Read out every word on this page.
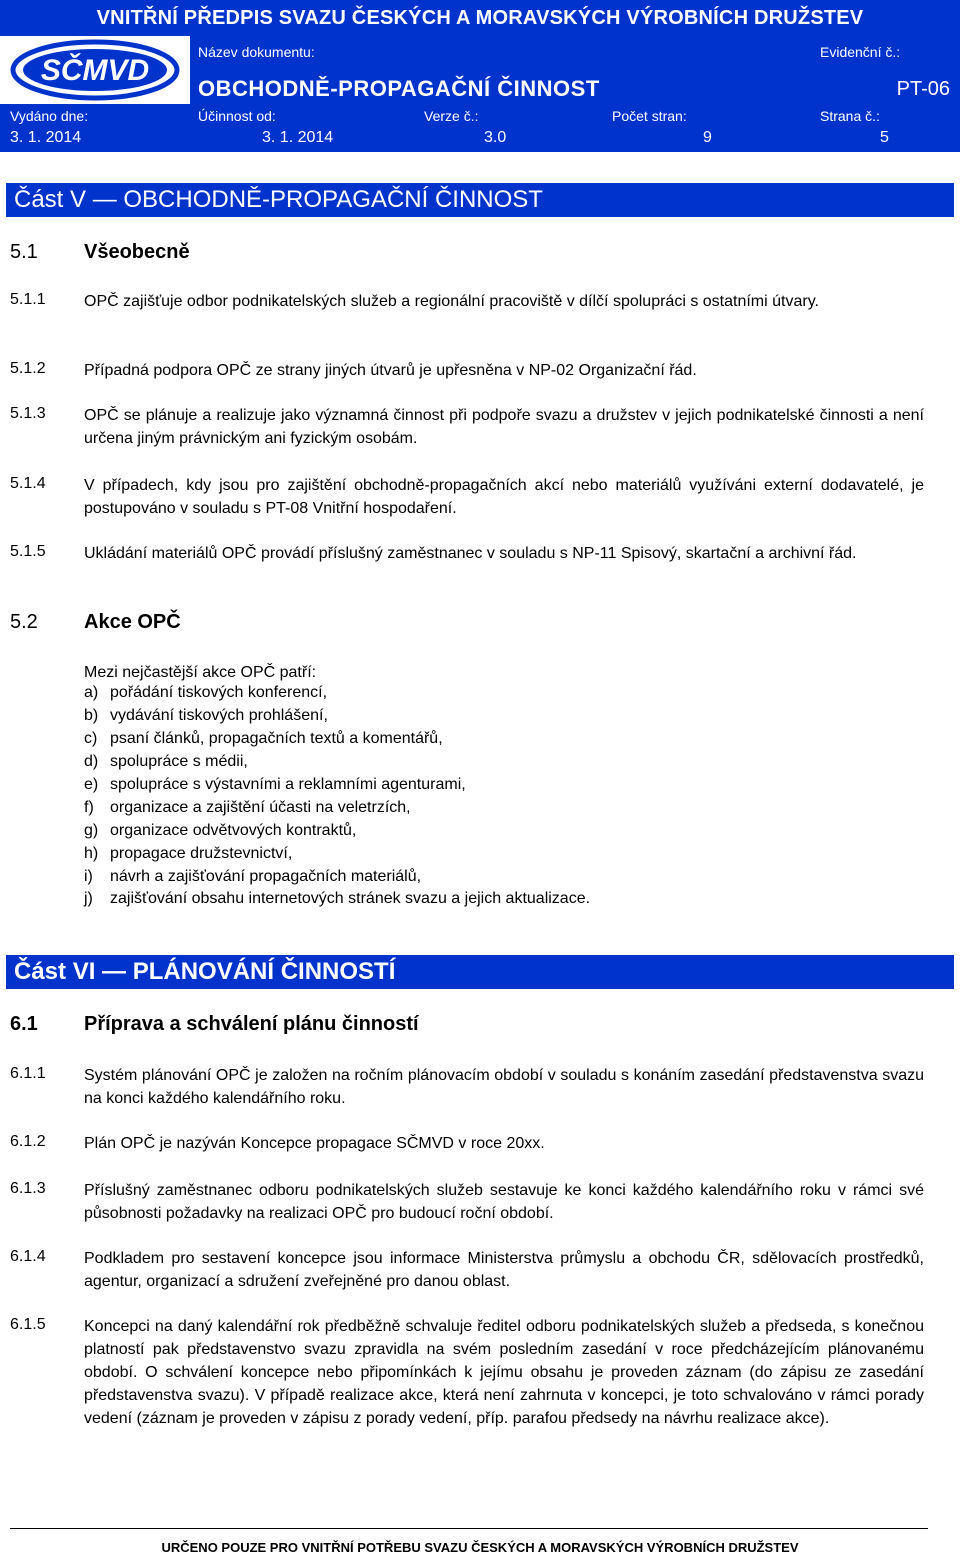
VNITŘNÍ PŘEDPIS SVAZU ČESKÝCH A MORAVSKÝCH VÝROBNÍCH DRUŽSTEV
SČMVD
Název dokumentu:
OBCHODNĚ-PROPAGAČNÍ ČINNOST
Evidenční č.:
PT-06
Vydáno dne:
3. 1. 2014
Účinnost od:
3. 1. 2014
Verze č.:
3.0
Počet stran:
9
Strana č.:
5
Část V — OBCHODNĚ-PROPAGAČNÍ ČINNOST
5.1 Všeobecně
5.1.1 OPČ zajišťuje odbor podnikatelských služeb a regionální pracoviště v dílčí spolupráci s ostatními útvary.
5.1.2 Případná podpora OPČ ze strany jiných útvarů je upřesněna v NP-02 Organizační řád.
5.1.3 OPČ se plánuje a realizuje jako významná činnost při podpoře svazu a družstev v jejich podnikatelské činnosti a není určena jiným právnickým ani fyzickým osobám.
5.1.4 V případech, kdy jsou pro zajištění obchodně-propagačních akcí nebo materiálů využíváni externí dodavatelé, je postupováno v souladu s PT-08 Vnitřní hospodaření.
5.1.5 Ukládání materiálů OPČ provádí příslušný zaměstnanec v souladu s NP-11 Spisový, skartační a archivní řád.
5.2 Akce OPČ
Mezi nejčastější akce OPČ patří:
a) pořádání tiskových konferencí,
b) vydávání tiskových prohlášení,
c) psaní článků, propagačních textů a komentářů,
d) spolupráce s médii,
e) spolupráce s výstavními a reklamními agenturami,
f) organizace a zajištění účasti na veletrzích,
g) organizace odvětvových kontraktů,
h) propagace družstevnictví,
i) návrh a zajišťování propagačních materiálů,
j) zajišťování obsahu internetových stránek svazu a jejich aktualizace.
Část VI — PLÁNOVÁNÍ ČINNOSTÍ
6.1 Příprava a schválení plánu činností
6.1.1 Systém plánování OPČ je založen na ročním plánovacím období v souladu s konáním zasedání představenstva svazu na konci každého kalendářního roku.
6.1.2 Plán OPČ je nazýván Koncepce propagace SČMVD v roce 20xx.
6.1.3 Příslušný zaměstnanec odboru podnikatelských služeb sestavuje ke konci každého kalendářního roku v rámci své působnosti požadavky na realizaci OPČ pro budoucí roční období.
6.1.4 Podkladem pro sestavení koncepce jsou informace Ministerstva průmyslu a obchodu ČR, sdělovacích prostředků, agentur, organizací a sdružení zveřejněné pro danou oblast.
6.1.5 Koncepci na daný kalendářní rok předběžně schvaluje ředitel odboru podnikatelských služeb a předseda, s konečnou platností pak představenstvo svazu zpravidla na svém posledním zasedání v roce předcházejícím plánovanému období. O schválení koncepce nebo připomínkách k jejímu obsahu je proveden záznam (do zápisu ze zasedání představenstva svazu). V případě realizace akce, která není zahrnuta v koncepci, je toto schvalováno v rámci porady vedení (záznam je proveden v zápisu z porady vedení, příp. parafou předsedy na návrhu realizace akce).
URČENO POUZE PRO VNITŘNÍ POTŘEBU SVAZU ČESKÝCH A MORAVSKÝCH VÝROBNÍCH DRUŽSTEV
